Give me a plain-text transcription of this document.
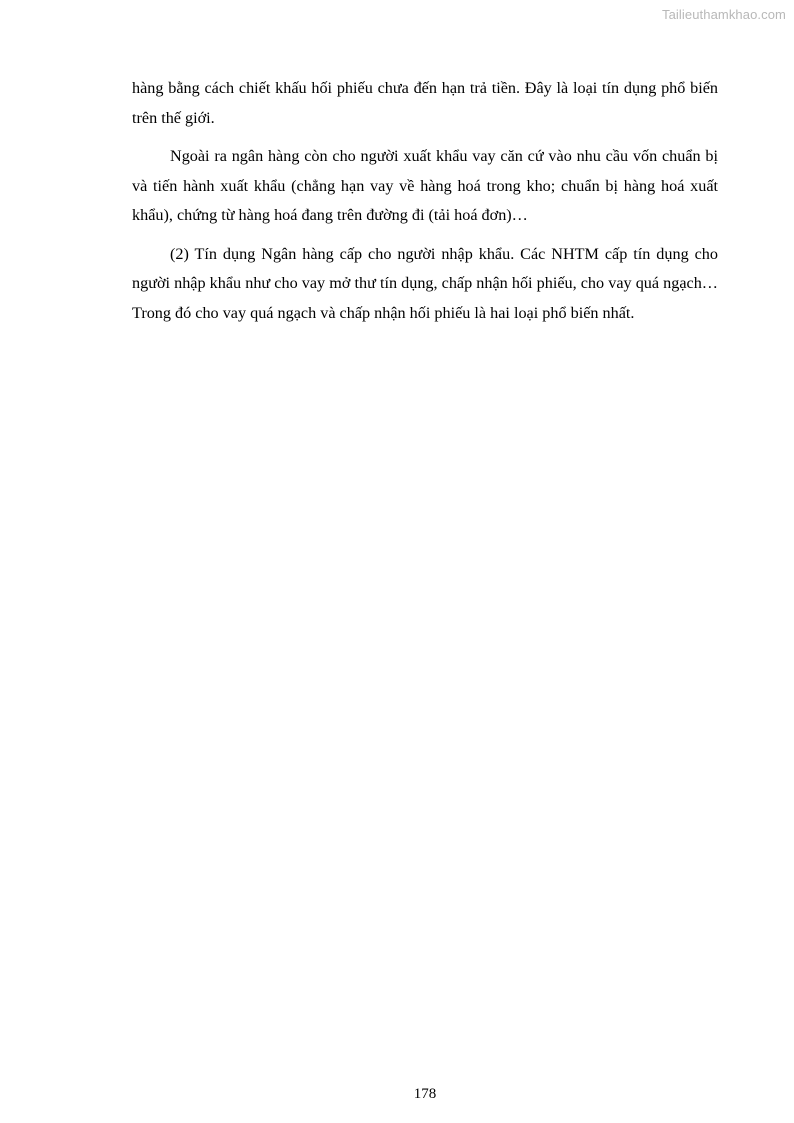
Tailieuthamkhao.com

hàng bằng cách chiết khấu hối phiếu chưa đến hạn trả tiền. Đây là loại tín dụng phổ biến trên thế giới.

Ngoài ra ngân hàng còn cho người xuất khẩu vay căn cứ vào nhu cầu vốn chuẩn bị và tiến hành xuất khẩu (chẳng hạn vay về hàng hoá trong kho; chuẩn bị hàng hoá xuất khẩu), chứng từ hàng hoá đang trên đường đi (tải hoá đơn)…

(2) Tín dụng Ngân hàng cấp cho người nhập khẩu. Các NHTM cấp tín dụng cho người nhập khẩu như cho vay mở thư tín dụng, chấp nhận hối phiếu, cho vay quá ngạch… Trong đó cho vay quá ngạch và chấp nhận hối phiếu là hai loại phổ biến nhất.

178
